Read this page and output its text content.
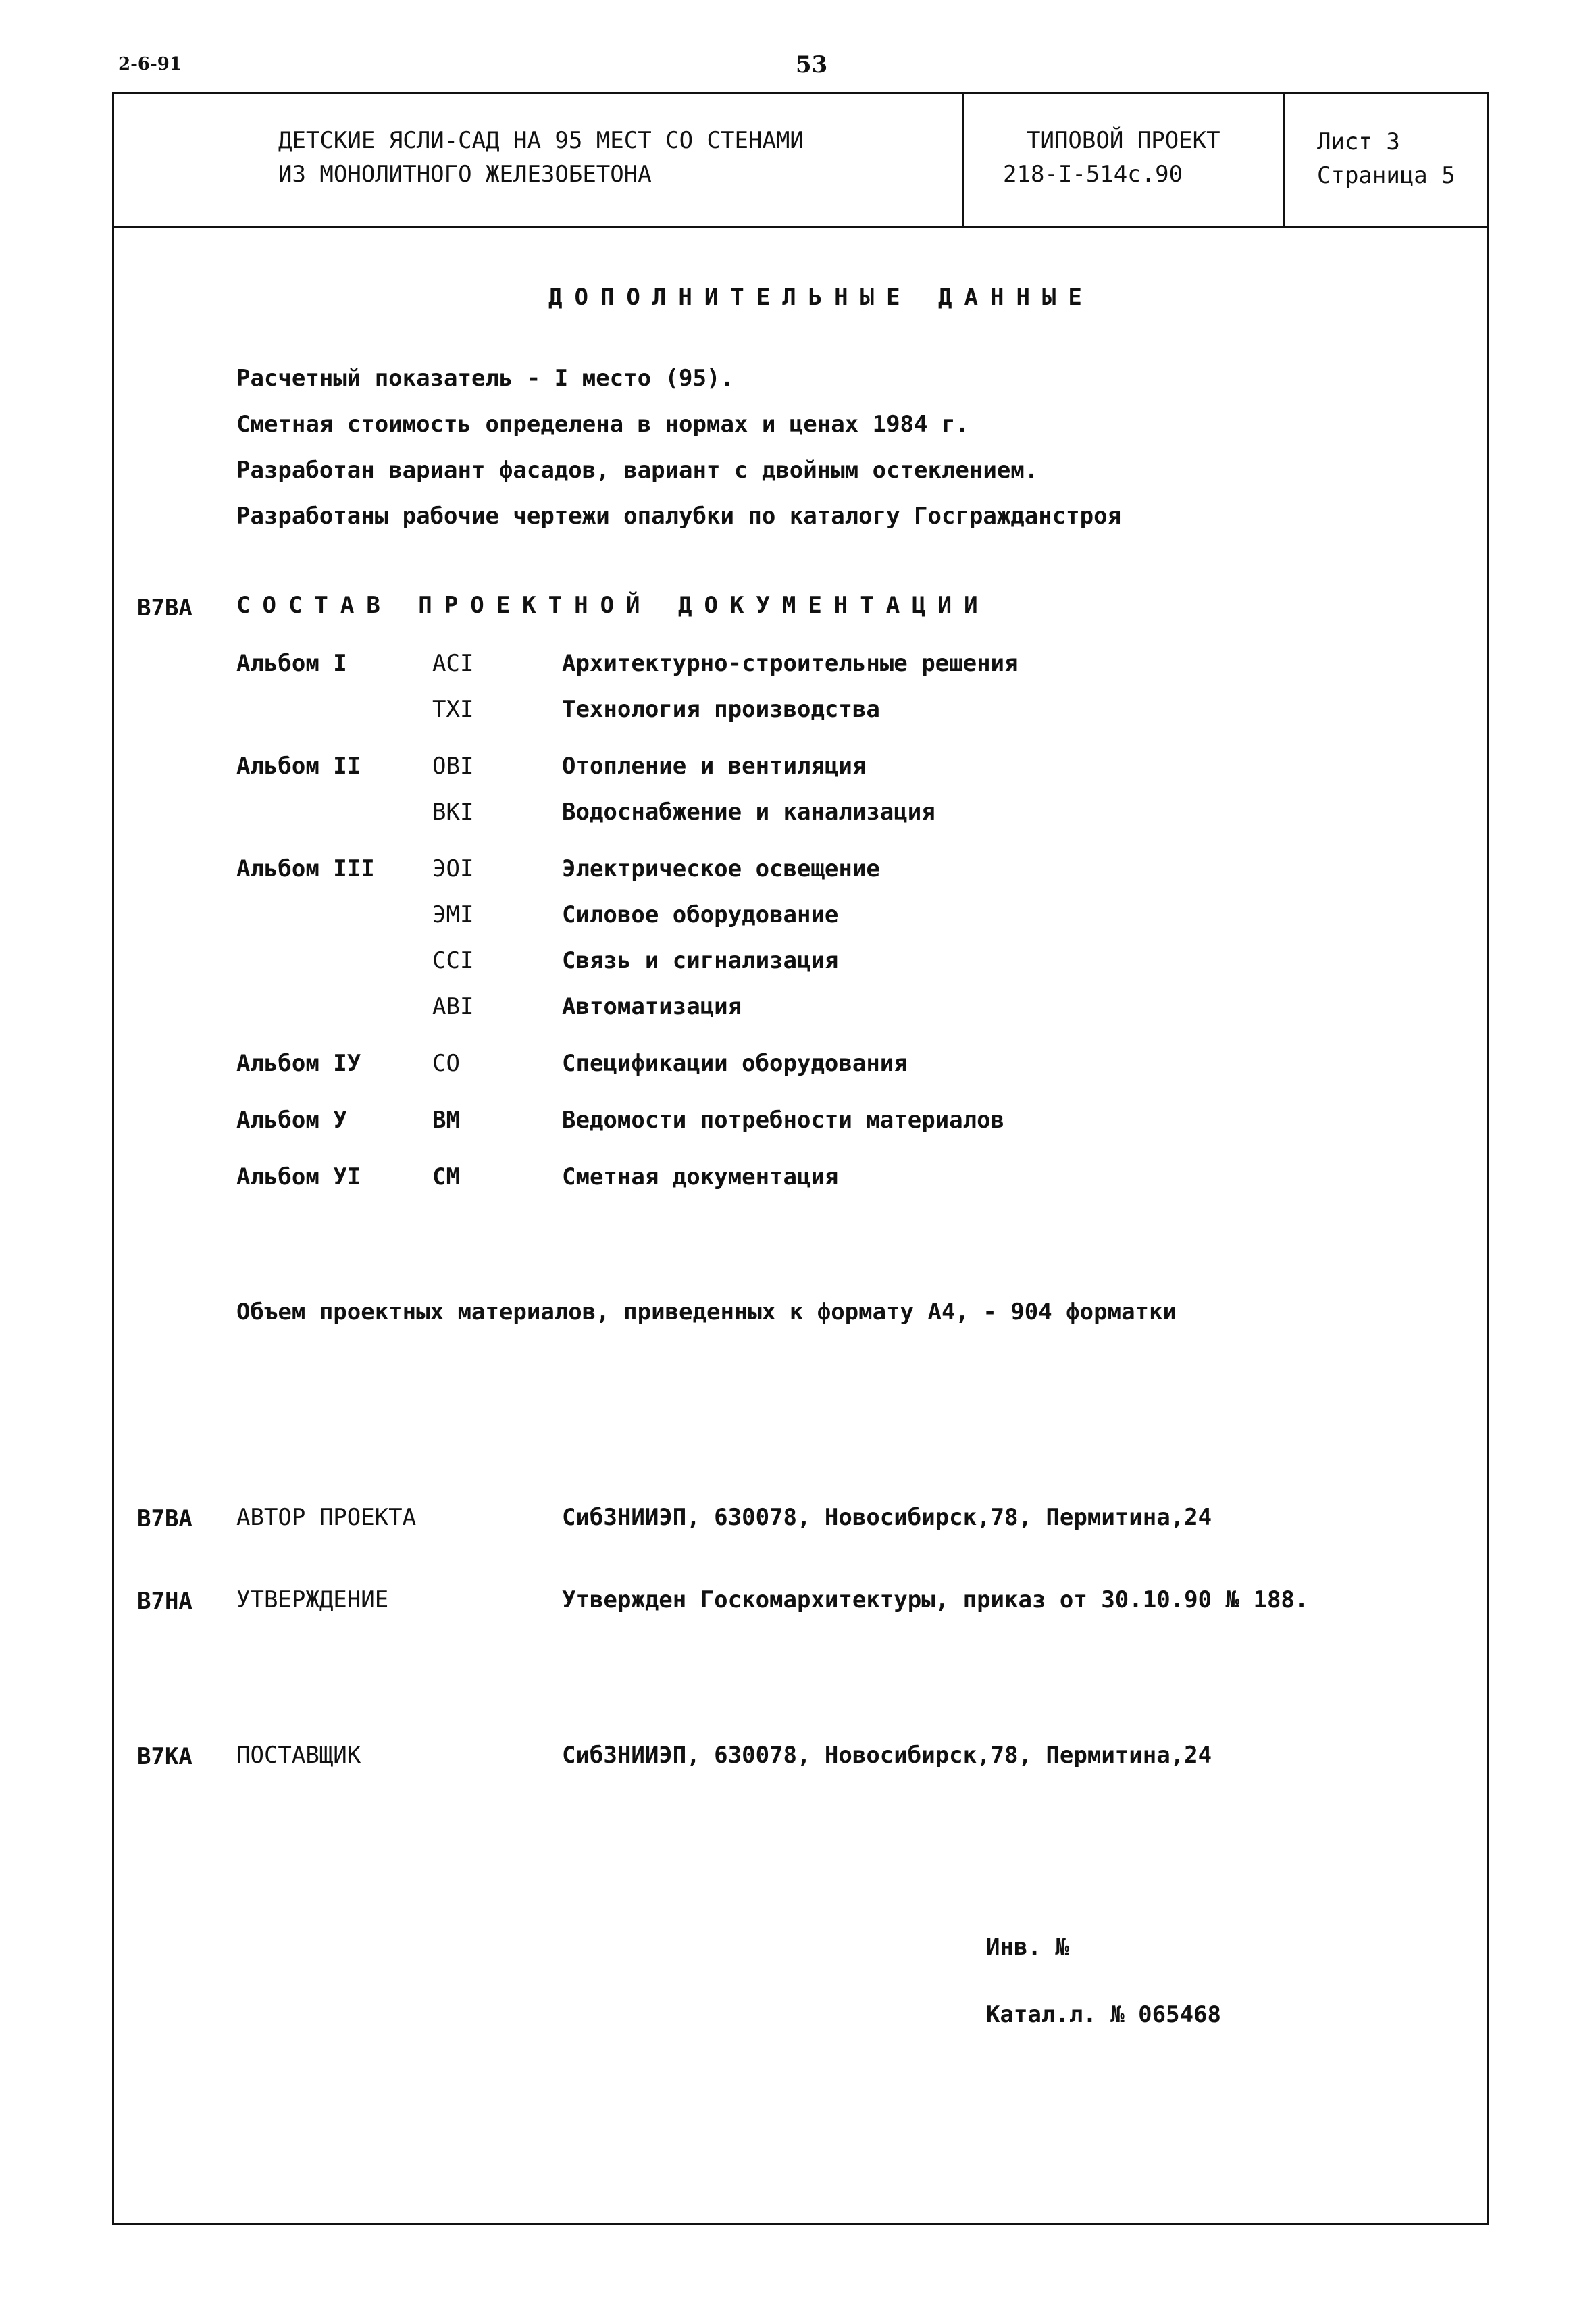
2-6-91	53
ДЕТСКИЕ ЯСЛИ-САД НА 95 МЕСТ СО СТЕНАМИ
ИЗ МОНОЛИТНОГО ЖЕЛЕЗОБЕТОНА
ТИПОВОЙ ПРОЕКТ
218-I-514с.90
Лист 3
Страница 5
ДОПОЛНИТЕЛЬНЫЕ ДАННЫЕ
Расчетный показатель - I место (95).
Сметная стоимость определена в нормах и ценах 1984 г.
Разработан вариант фасадов, вариант с двойным остеклением.
Разработаны рабочие чертежи опалубки по каталогу Госгражданстроя
В7ВА СОСТАВ ПРОЕКТНОЙ ДОКУМЕНТАЦИИ
Альбом I	АСI	Архитектурно-строительные решения
ТХI	Технология производства
Альбом II	ОВI	Отопление и вентиляция
ВКI	Водоснабжение и канализация
Альбом III	ЭОI	Электрическое освещение
ЭМI	Силовое оборудование
ССI	Связь и сигнализация
АВI	Автоматизация
Альбом IУ	СО	Спецификации оборудования
Альбом У	ВМ	Ведомости потребности материалов
Альбом УI	СМ	Сметная документация
Объем проектных материалов, приведенных к формату А4, - 904 форматки
В7ВА АВТОР ПРОЕКТА	СибЗНИИЭП, 630078, Новосибирск,78, Пермитина,24
В7НА УТВЕРЖДЕНИЕ	Утвержден Госкомархитектуры, приказ от 30.10.90 № 188.
В7КА ПОСТАВЩИК	СибЗНИИЭП, 630078, Новосибирск,78, Пермитина,24
Инв. №
Катал.л. № 065468
